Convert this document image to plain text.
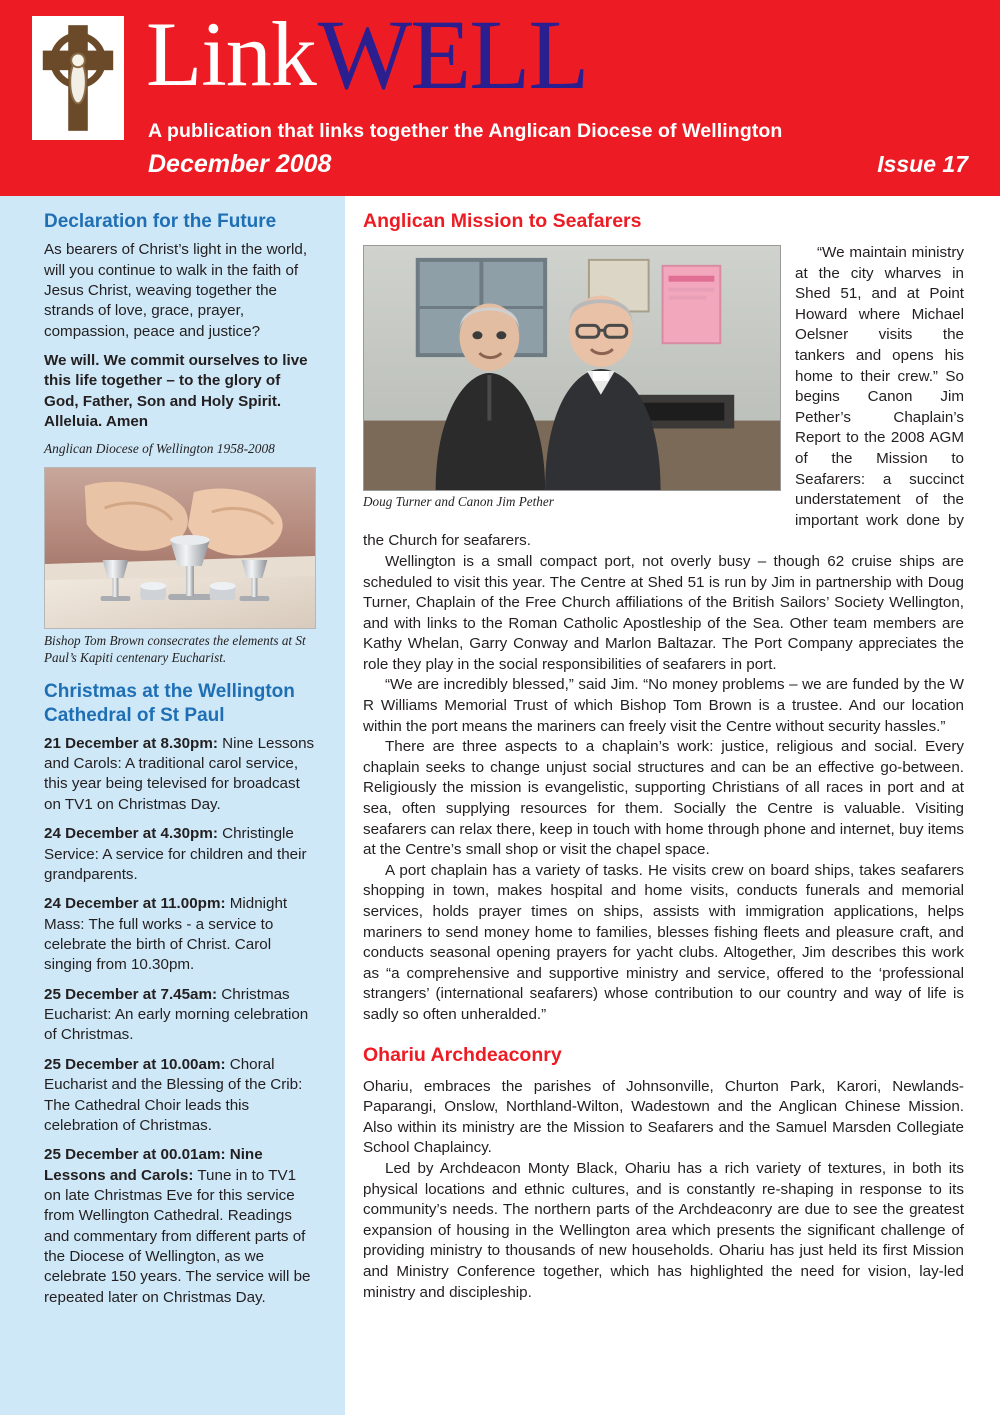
Link WELL
A publication that links together the Anglican Diocese of Wellington
December 2008	Issue 17
Declaration for the Future

As bearers of Christ’s light in the world, will you continue to walk in the faith of Jesus Christ, weaving together the strands of love, grace, prayer, compassion, peace and justice?

We will. We commit ourselves to live this life together – to the glory of God, Father, Son and Holy Spirit. Alleluia. Amen

Anglican Diocese of Wellington 1958-2008

Bishop Tom Brown consecrates the elements at St Paul’s Kapiti centenary Eucharist.
Christmas at the Wellington Cathedral of St Paul

21 December at 8.30pm: Nine Lessons and Carols: A traditional carol service, this year being televised for broadcast on TV1 on Christmas Day.

24 December at 4.30pm: Christingle Service: A service for children and their grandparents.

24 December at 11.00pm: Midnight Mass: The full works - a service to celebrate the birth of Christ. Carol singing from 10.30pm.

25 December at 7.45am: Christmas Eucharist: An early morning celebration of Christmas.

25 December at 10.00am: Choral Eucharist and the Blessing of the Crib: The Cathedral Choir leads this celebration of Christmas.

25 December at 00.01am: Nine Lessons and Carols: Tune in to TV1 on late Christmas Eve for this service from Wellington Cathedral. Readings and commentary from different parts of the Diocese of Wellington, as we celebrate 150 years. The service will be repeated later on Christmas Day.

Anglican Mission to Seafarers
Doug Turner and Canon Jim Pether

“We maintain ministry at the city wharves in Shed 51, and at Point Howard where Michael Oelsner visits the tankers and opens his home to their crew.” So begins Canon Jim Pether’s Chaplain’s Report to the 2008 AGM of the Mission to Seafarers: a succinct understatement of the important work done by the Church for seafarers.

Wellington is a small compact port, not overly busy – though 62 cruise ships are scheduled to visit this year. The Centre at Shed 51 is run by Jim in partnership with Doug Turner, Chaplain of the Free Church affiliations of the British Sailors’ Society Wellington, and with links to the Roman Catholic Apostleship of the Sea. Other team members are Kathy Whelan, Garry Conway and Marlon Baltazar. The Port Company appreciates the role they play in the social responsibilities of seafarers in port.

“We are incredibly blessed,” said Jim. “No money problems – we are funded by the W R Williams Memorial Trust of which Bishop Tom Brown is a trustee. And our location within the port means the mariners can freely visit the Centre without security hassles.”

There are three aspects to a chaplain’s work: justice, religious and social. Every chaplain seeks to change unjust social structures and can be an effective go-between. Religiously the mission is evangelistic, supporting Christians of all races in port and at sea, often supplying resources for them. Socially the Centre is valuable. Visiting seafarers can relax there, keep in touch with home through phone and internet, buy items at the Centre’s small shop or visit the chapel space.

A port chaplain has a variety of tasks. He visits crew on board ships, takes seafarers shopping in town, makes hospital and home visits, conducts funerals and memorial services, holds prayer times on ships, assists with immigration applications, helps mariners to send money home to families, blesses fishing fleets and pleasure craft, and conducts seasonal opening prayers for yacht clubs. Altogether, Jim describes this work as “a comprehensive and supportive ministry and service, offered to the ‘professional strangers’ (international seafarers) whose contribution to our country and way of life is sadly so often unheralded.”

Ohariu Archdeaconry

Ohariu, embraces the parishes of Johnsonville, Churton Park, Karori, Newlands-Paparangi, Onslow, Northland-Wilton, Wadestown and the Anglican Chinese Mission. Also within its ministry are the Mission to Seafarers and the Samuel Marsden Collegiate School Chaplaincy.

Led by Archdeacon Monty Black, Ohariu has a rich variety of textures, in both its physical locations and ethnic cultures, and is constantly re-shaping in response to its community’s needs. The northern parts of the Archdeaconry are due to see the greatest expansion of housing in the Wellington area which presents the significant challenge of providing ministry to thousands of new households. Ohariu has just held its first Mission and Ministry Conference together, which has highlighted the need for vision, lay-led ministry and discipleship.
